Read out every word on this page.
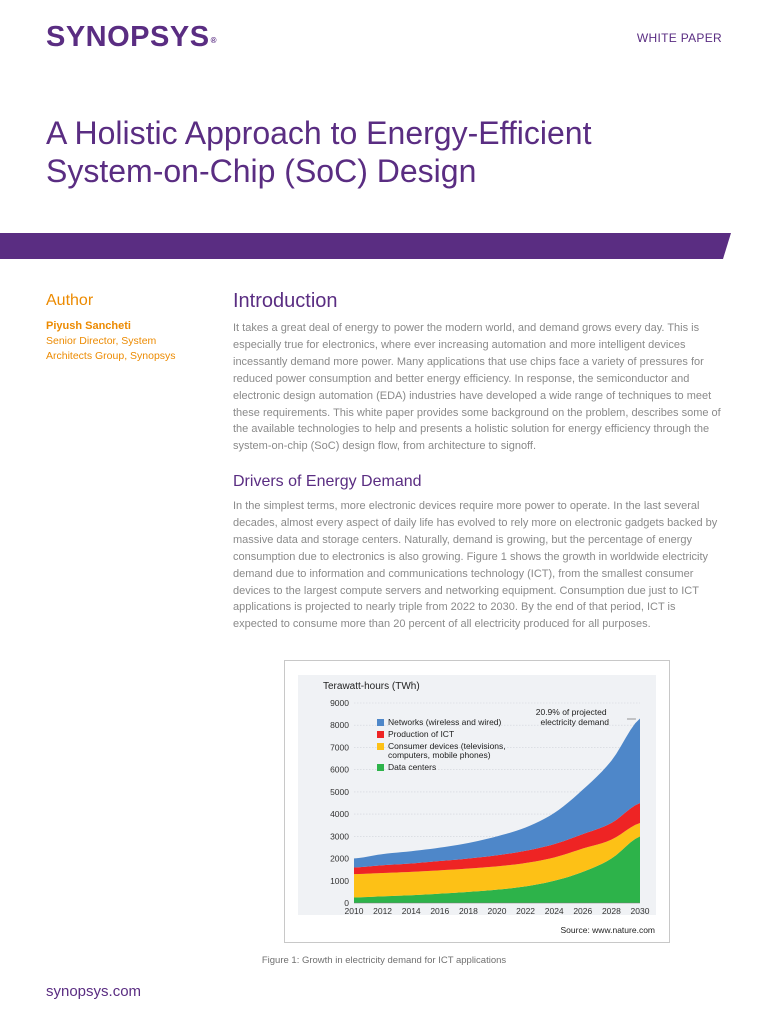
SYNOPSYS®	WHITE PAPER
A Holistic Approach to Energy-Efficient
System-on-Chip (SoC) Design
Author
Piyush Sancheti
Senior Director, System Architects Group, Synopsys
Introduction

It takes a great deal of energy to power the modern world, and demand grows every day. This is especially true for electronics, where ever increasing automation and more intelligent devices incessantly demand more power. Many applications that use chips face a variety of pressures for reduced power consumption and better energy efficiency. In response, the semiconductor and electronic design automation (EDA) industries have developed a wide range of techniques to meet these requirements. This white paper provides some background on the problem, describes some of the available technologies to help and presents a holistic solution for energy efficiency through the system-on-chip (SoC) design flow, from architecture to signoff.

Drivers of Energy Demand

In the simplest terms, more electronic devices require more power to operate. In the last several decades, almost every aspect of daily life has evolved to rely more on electronic gadgets backed by massive data and storage centers. Naturally, demand is growing, but the percentage of energy consumption due to electronics is also growing. Figure 1 shows the growth in worldwide electricity demand due to information and communications technology (ICT), from the smallest consumer devices to the largest compute servers and networking equipment. Consumption due just to ICT applications is projected to nearly triple from 2022 to 2030. By the end of that period, ICT is expected to consume more than 20 percent of all electricity produced for all purposes.

Terawatt-hours (TWh)
0
1000
2000
3000
4000
5000
6000
7000
8000
9000
2010 2012 2014 2016 2018 2020 2022 2024 2026 2028 2030
Networks (wireless and wired)
Production of ICT
Consumer devices (televisions, computers, mobile phones)
Data centers
20.9% of projected electricity demand
Source: www.nature.com
Figure 1: Growth in electricity demand for ICT applications
synopsys.com
